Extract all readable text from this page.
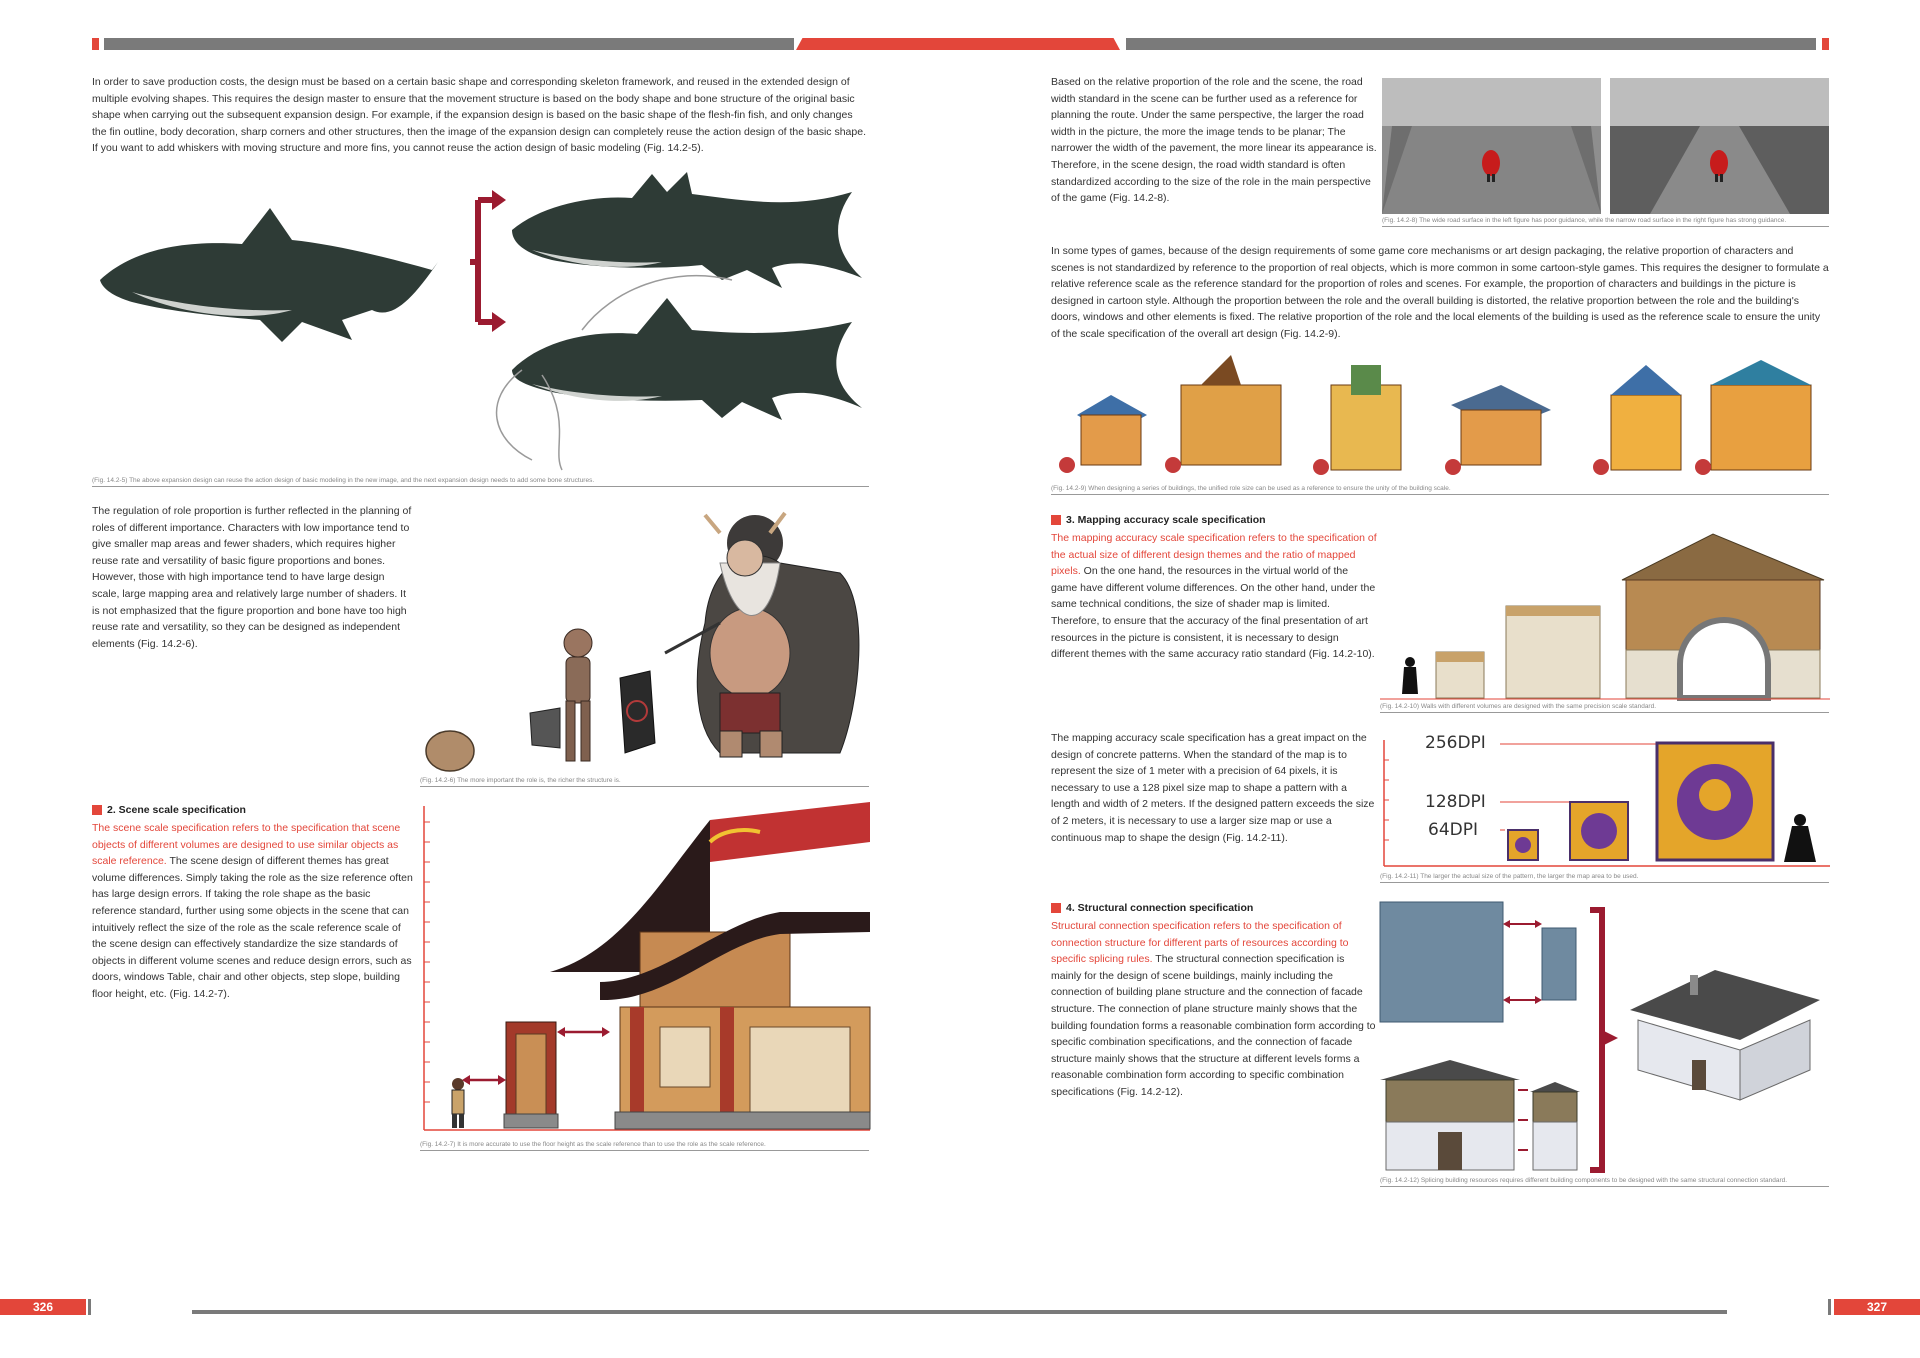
In order to save production costs, the design must be based on a certain basic shape and corresponding skeleton framework, and reused in the extended design of multiple evolving shapes. This requires the design master to ensure that the movement structure is based on the body shape and bone structure of the original basic shape when carrying out the subsequent expansion design. For example, if the expansion design is based on the basic shape of the flesh-fin fish, and only changes the fin outline, body decoration, sharp corners and other structures, then the image of the expansion design can completely reuse the action design of the basic shape. If you want to add whiskers with moving structure and more fins, you cannot reuse the action design of basic modeling (Fig. 14.2-5).

(Fig. 14.2-5) The above expansion design can reuse the action design of basic modeling in the new image, and the next expansion design needs to add some bone structures.

The regulation of role proportion is further reflected in the planning of roles of different importance. Characters with low importance tend to give smaller map areas and fewer shaders, which requires higher reuse rate and versatility of basic figure proportions and bones. However, those with high importance tend to have large design scale, large mapping area and relatively large number of shaders. It is not emphasized that the figure proportion and bone have too high reuse rate and versatility, so they can be designed as independent elements (Fig. 14.2-6).

(Fig. 14.2-6) The more important the role is, the richer the structure is.
2. Scene scale specification

The scene scale specification refers to the specification that scene objects of different volumes are designed to use similar objects as scale reference. The scene design of different themes has great volume differences. Simply taking the role as the size reference often has large design errors. If taking the role shape as the basic reference standard, further using some objects in the scene that can intuitively reflect the size of the role as the scale reference scale of the scene design can effectively standardize the size standards of objects in different volume scenes and reduce design errors, such as doors, windows Table, chair and other objects, step slope, building floor height, etc. (Fig. 14.2-7).

(Fig. 14.2-7) It is more accurate to use the floor height as the scale reference than to use the role as the scale reference.

Based on the relative proportion of the role and the scene, the road width standard in the scene can be further used as a reference for planning the route. Under the same perspective, the larger the road width in the picture, the more the image tends to be planar; The narrower the width of the pavement, the more linear its appearance is. Therefore, in the scene design, the road width standard is often standardized according to the size of the role in the main perspective of the game (Fig. 14.2-8).

(Fig. 14.2-8) The wide road surface in the left figure has poor guidance, while the narrow road surface in the right figure has strong guidance.

In some types of games, because of the design requirements of some game core mechanisms or art design packaging, the relative proportion of characters and scenes is not standardized by reference to the proportion of real objects, which is more common in some cartoon-style games. This requires the designer to formulate a relative reference scale as the reference standard for the proportion of roles and scenes. For example, the proportion of characters and buildings in the picture is designed in cartoon style. Although the proportion between the role and the overall building is distorted, the relative proportion between the role and the building's doors, windows and other elements is fixed. The relative proportion of the role and the local elements of the building is used as the reference scale to ensure the unity of the scale specification of the overall art design (Fig. 14.2-9).

(Fig. 14.2-9) When designing a series of buildings, the unified role size can be used as a reference to ensure the unity of the building scale.
3. Mapping accuracy scale specification

The mapping accuracy scale specification refers to the specification of the actual size of different design themes and the ratio of mapped pixels. On the one hand, the resources in the virtual world of the game have different volume differences. On the other hand, under the same technical conditions, the size of shader map is limited. Therefore, to ensure that the accuracy of the final presentation of art resources in the picture is consistent, it is necessary to design different themes with the same accuracy ratio standard (Fig. 14.2-10).

(Fig. 14.2-10) Walls with different volumes are designed with the same precision scale standard.

The mapping accuracy scale specification has a great impact on the design of concrete patterns. When the standard of the map is to represent the size of 1 meter with a precision of 64 pixels, it is necessary to use a 128 pixel size map to shape a pattern with a length and width of 2 meters. If the designed pattern exceeds the size of 2 meters, it is necessary to use a larger size map or use a continuous map to shape the design (Fig. 14.2-11).

256DPI
128DPI
64DPI
(Fig. 14.2-11) The larger the actual size of the pattern, the larger the map area to be used.
4. Structural connection specification

Structural connection specification refers to the specification of connection structure for different parts of resources according to specific splicing rules. The structural connection specification is mainly for the design of scene buildings, mainly including the connection of building plane structure and the connection of facade structure. The connection of plane structure mainly shows that the building foundation forms a reasonable combination form according to specific combination specifications, and the connection of facade structure mainly shows that the structure at different levels forms a reasonable combination form according to specific combination specifications (Fig. 14.2-12).

(Fig. 14.2-12) Splicing building resources requires different building components to be designed with the same structural connection standard.
326	327
